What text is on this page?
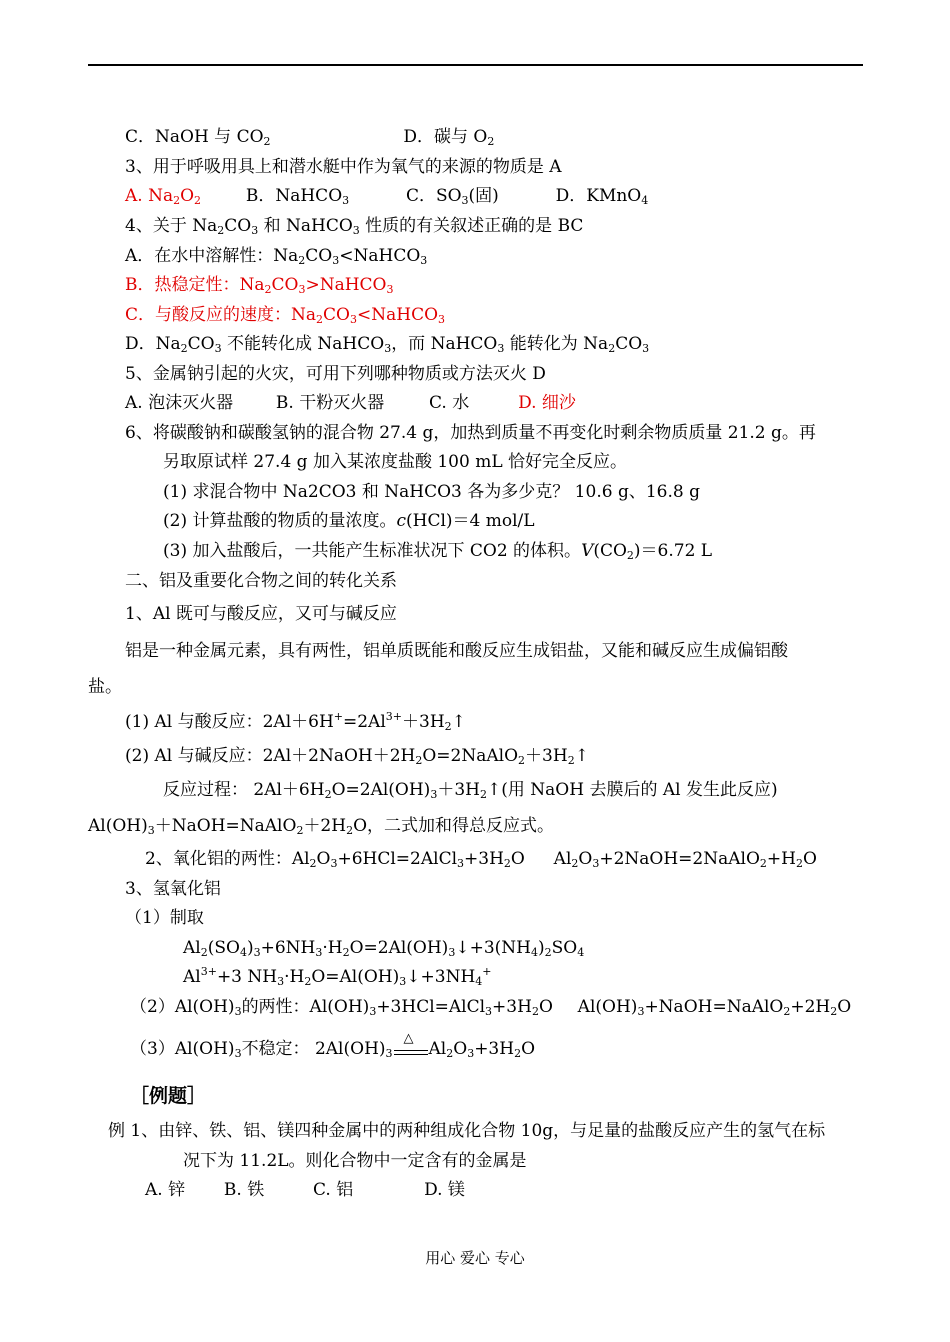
C．NaOH 与 $CO_2$	D．碳与 $O_2$
3、用于呼吸用具上和潜水艇中作为氧气的来源的物质是 A
A. $Na_2O_2$	B．NaHCO$_3$	C．$SO_3$(固)	D．KMnO$_4$
4、关于 $Na_2CO_3$ 和 NaHCO$_3$ 性质的有关叙述正确的是 BC
A．在水中溶解性：$Na_2CO_3<NaHCO_3$
B．热稳定性：$Na_2CO_3>NaHCO_3$
C．与酸反应的速度：$Na_2CO_3<NaHCO_3$
D．$Na_2CO_3$ 不能转化成 NaHCO$_3$，而 NaHCO$_3$ 能转化为 $Na_2CO_3$
5、金属钠引起的火灾，可用下列哪种物质或方法灭火 D
A. 泡沫灭火器	B. 干粉灭火器	C. 水	D. 细沙
6、将碳酸钠和碳酸氢钠的混合物 27.4 g，加热到质量不再变化时剩余物质质量 21.2 g。再
另取原试样 27.4 g 加入某浓度盐酸 100 mL 恰好完全反应。
(1) 求混合物中 Na2CO3 和 NaHCO3 各为多少克？ 10.6 g、16.8 g
(2) 计算盐酸的物质的量浓度。c(HCl)＝4 mol/L
(3) 加入盐酸后，一共能产生标准状况下 CO2 的体积。$V(CO_2)=6.72$ L
二、铝及重要化合物之间的转化关系
1、Al 既可与酸反应，又可与碱反应
铝是一种金属元素，具有两性，铝单质既能和酸反应生成铝盐，又能和碱反应生成偏铝酸
盐。
(1) Al 与酸反应：$2Al+6H^+=2Al^{3+}+3H_2↑$
(2) Al 与碱反应：$2Al+2NaOH+2H_2O=2NaAlO_2+3H_2↑$
反应过程： $2Al+6H_2O=2Al(OH)_3+3H_2↑$(用 NaOH 去膜后的 Al 发生此反应)
$Al(OH)_3+NaOH=NaAlO_2+2H_2O$，二式加和得总反应式。
2、氧化铝的两性：$Al_2O_3+6HCl=2AlCl_3+3H_2O$  $Al_2O_3+2NaOH=2NaAlO_2+H_2O$
3、氢氧化铝
（1）制取
$Al_2(SO_4)_3+6NH_3\cdot H_2O=2Al(OH)_3↓+3(NH_4)_2SO_4$
$Al^{3+}+3$ $NH_3\cdot H_2O=Al(OH)_3↓+3NH_4^+$
$(2)Al(OH)_3$的两性：$Al(OH)_3+3HCl=AlCl_3+3H_2O$  $Al(OH)_3+NaOH=NaAlO_2+2H_2O$
$(3)Al(OH)_3$不稳定： $2Al(OH)_3$
△
$Al_2O_3+3H_2O$
［例题］
例 1、由锌、铁、铝、镁四种金属中的两种组成化合物 10g，与足量的盐酸反应产生的氢气在标
况下为 11.2L。则化合物中一定含有的金属是
A. 锌 B. 铁	C. 铝	D. 镁
用心 爱心 专心
